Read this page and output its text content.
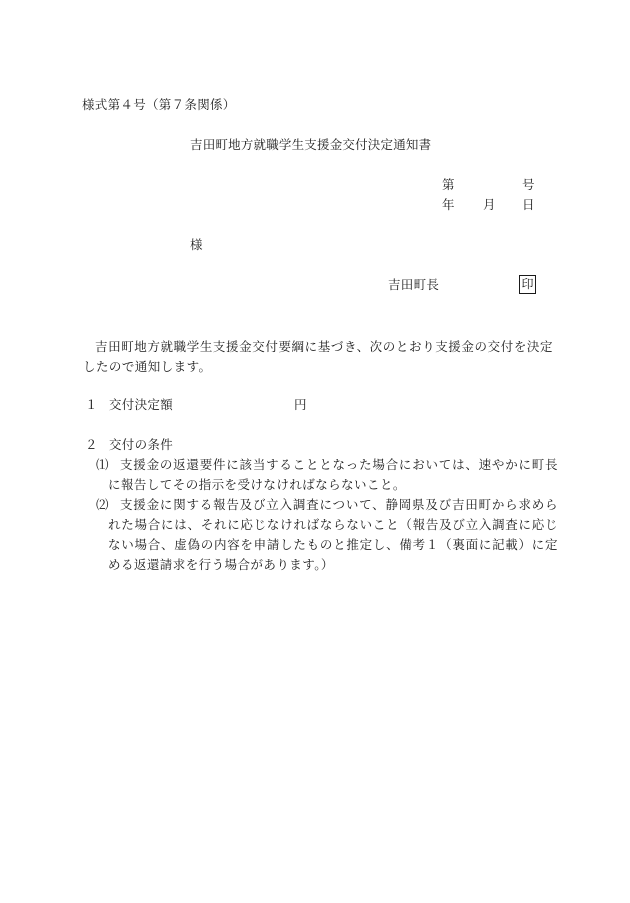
様式第４号（第７条関係）
吉田町地方就職学生支援金交付決定通知書
第	号
年 月 日
様
吉田町長	印
吉田町地方就職学生支援金交付要綱に基づき、次のとおり支援金の交付を決定したので通知します。
１ 交付決定額	円
２ 交付の条件
⑴ 支援金の返還要件に該当することとなった場合においては、速やかに町長に報告してその指示を受けなければならないこと。
⑵ 支援金に関する報告及び立入調査について、静岡県及び吉田町から求められた場合には、それに応じなければならないこと（報告及び立入調査に応じない場合、虚偽の内容を申請したものと推定し、備考１（裏面に記載）に定める返還請求を行う場合があります。）
